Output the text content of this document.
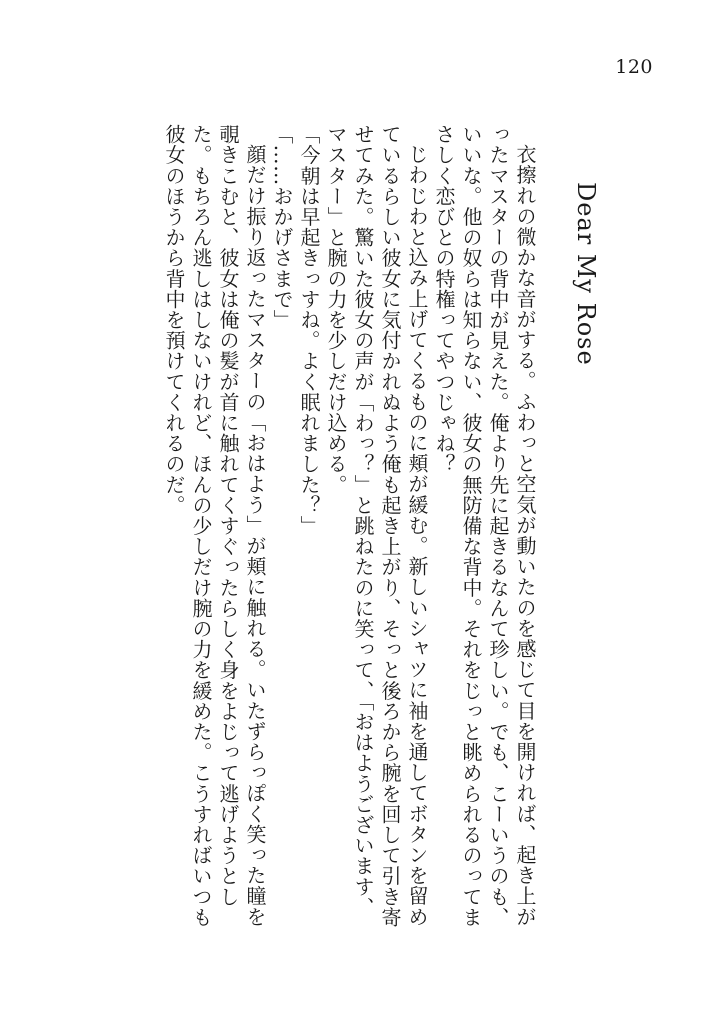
120
Dear My Rose

衣擦れの微かな音がする。ふわっと空気が動いたのを感じて目を開ければ、起き上がったマスターの背中が見えた。俺より先に起きるなんて珍しい。でも、こーいうのも、いいな。他の奴らは知らない、彼女の無防備な背中。それをじっと眺められるのってまさしく恋びとの特権ってやつじゃね？

じわじわと込み上げてくるものに頬が緩む。新しいシャツに袖を通してボタンを留めているらしい彼女に気付かれぬよう俺も起き上がり、そっと後ろから腕を回して引き寄せてみた。驚いた彼女の声が「わっ？」と跳ねたのに笑って、「おはようございます、マスター」と腕の力を少しだけ込める。

「今朝は早起きっすね。よく眠れました？」

「……おかげさまで」

顔だけ振り返ったマスターの「おはよう」が頬に触れる。いたずらっぽく笑った瞳を覗きこむと、彼女は俺の髪が首に触れてくすぐったらしく身をよじって逃げようとした。もちろん逃しはしないけれど、ほんの少しだけ腕の力を緩めた。こうすればいつも彼女のほうから背中を預けてくれるのだ。
